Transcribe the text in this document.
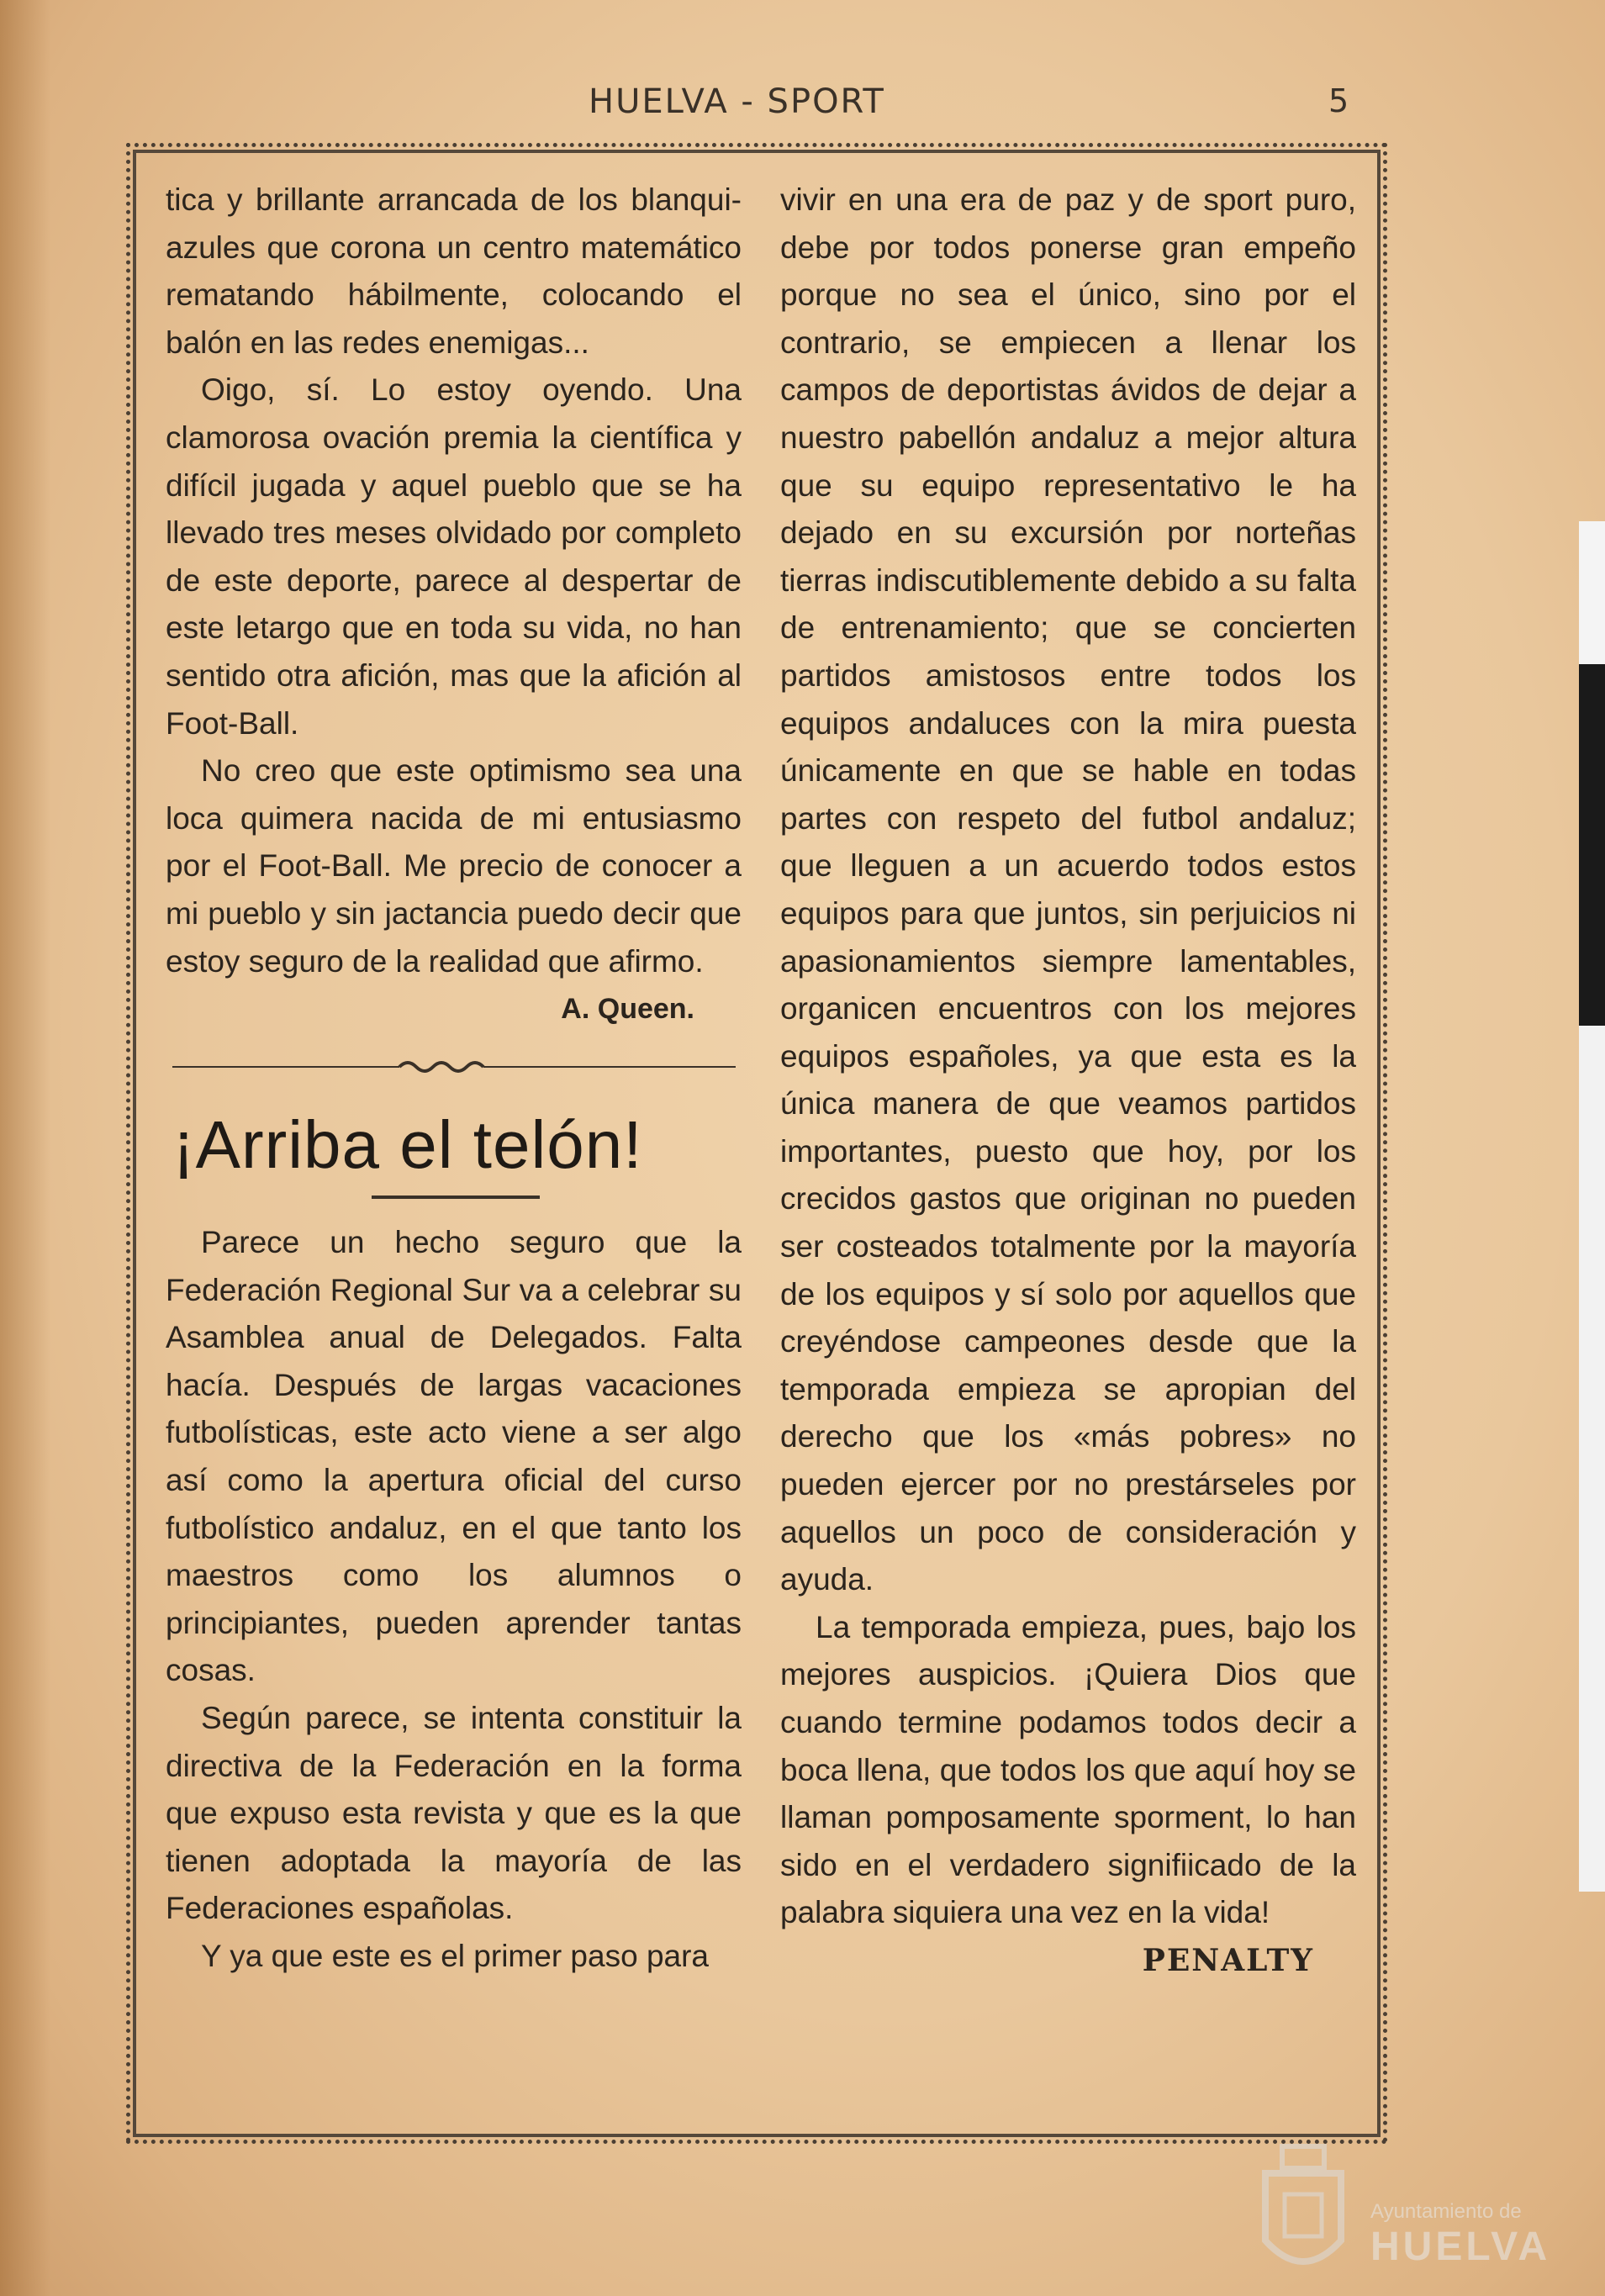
HUELVA - SPORT	5

tica y brillante arrancada de los blanqui-azules que corona un centro matemático rematando hábilmente, colocando el balón en las redes enemigas...

Oigo, sí. Lo estoy oyendo. Una clamorosa ovación premia la científica y difícil jugada y aquel pueblo que se ha llevado tres meses olvidado por completo de este deporte, parece al despertar de este letargo que en toda su vida, no han sentido otra afición, mas que la afición al Foot-Ball.

No creo que este optimismo sea una loca quimera nacida de mi entusiasmo por el Foot-Ball. Me precio de conocer a mi pueblo y sin jactancia puedo decir que estoy seguro de la realidad que afirmo.

A. Queen.

¡Arriba el telón!

Parece un hecho seguro que la Federación Regional Sur va a celebrar su Asamblea anual de Delegados. Falta hacía. Después de largas vacaciones futbolísticas, este acto viene a ser algo así como la apertura oficial del curso futbolístico andaluz, en el que tanto los maestros como los alumnos o principiantes, pueden aprender tantas cosas.

Según parece, se intenta constituir la directiva de la Federación en la forma que expuso esta revista y que es la que tienen adoptada la mayoría de las Federaciones españolas.

Y ya que este es el primer paso para

vivir en una era de paz y de sport puro, debe por todos ponerse gran empeño porque no sea el único, sino por el contrario, se empiecen a llenar los campos de deportistas ávidos de dejar a nuestro pabellón andaluz a mejor altura que su equipo representativo le ha dejado en su excursión por norteñas tierras indiscutiblemente debido a su falta de entrenamiento; que se concierten partidos amistosos entre todos los equipos andaluces con la mira puesta únicamente en que se hable en todas partes con respeto del futbol andaluz; que lleguen a un acuerdo todos estos equipos para que juntos, sin perjuicios ni apasionamientos siempre lamentables, organicen encuentros con los mejores equipos españoles, ya que esta es la única manera de que veamos partidos importantes, puesto que hoy, por los crecidos gastos que originan no pueden ser costeados totalmente por la mayoría de los equipos y sí solo por aquellos que creyéndose campeones desde que la temporada empieza se apropian del derecho que los «más pobres» no pueden ejercer por no prestárseles por aquellos un poco de consideración y ayuda.

La temporada empieza, pues, bajo los mejores auspicios. ¡Quiera Dios que cuando termine podamos todos decir a boca llena, que todos los que aquí hoy se llaman pomposamente sporment, lo han sido en el verdadero signifiicado de la palabra siquiera una vez en la vida!

PENALTY

Ayuntamiento de
HUELVA
